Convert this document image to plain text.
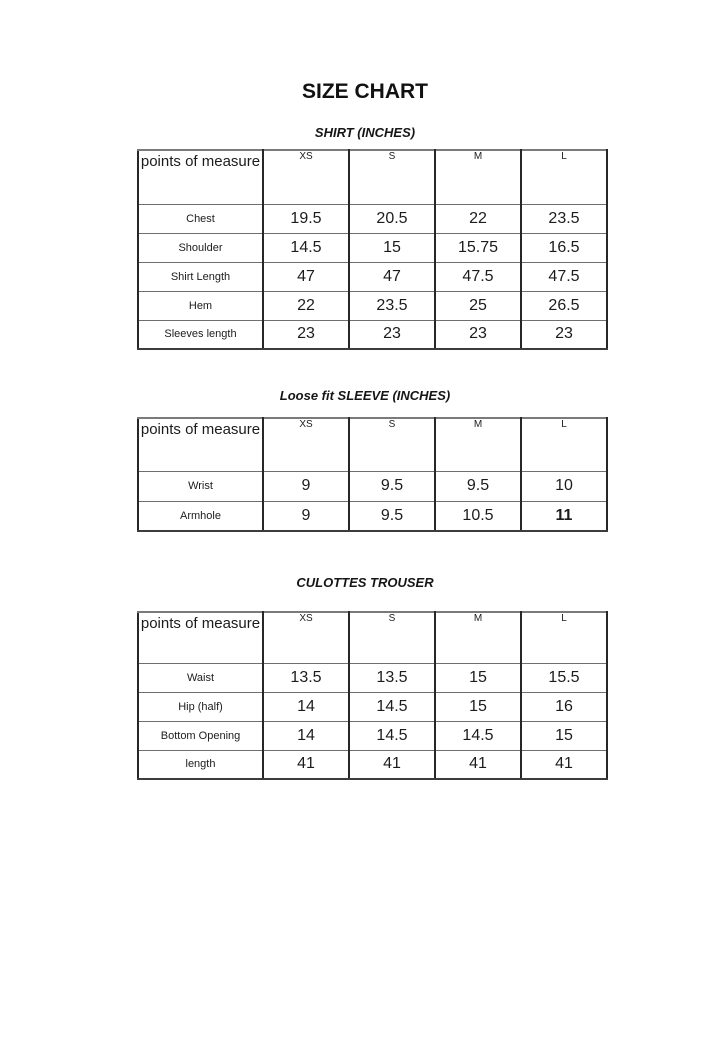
SIZE CHART
SHIRT (INCHES)
points of measure	XS	S	M	L
Chest	19.5	20.5	22	23.5
Shoulder	14.5	15	15.75	16.5
Shirt Length	47	47	47.5	47.5
Hem	22	23.5	25	26.5
Sleeves length	23	23	23	23
Loose fit SLEEVE (INCHES)
points of measure	XS	S	M	L
Wrist	9	9.5	9.5	10
Armhole	9	9.5	10.5	11
CULOTTES TROUSER
points of measure	XS	S	M	L
Waist	13.5	13.5	15	15.5
Hip (half)	14	14.5	15	16
Bottom Opening	14	14.5	14.5	15
length	41	41	41	41
